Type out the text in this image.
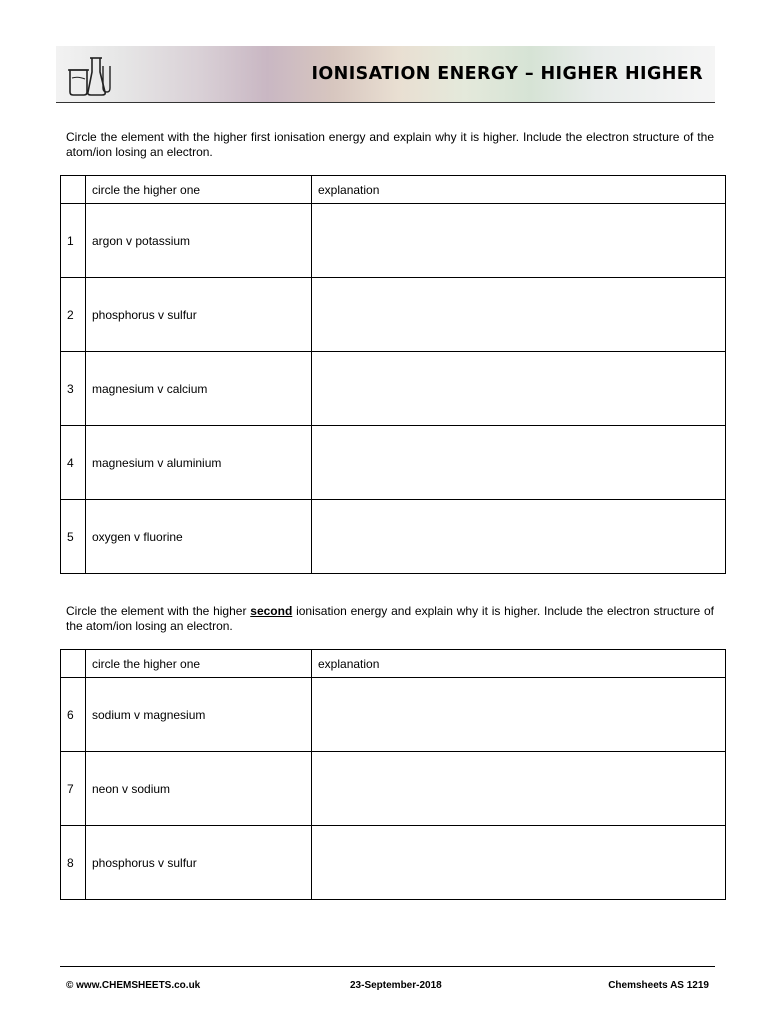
IONISATION ENERGY – HIGHER HIGHER
Circle the element with the higher first ionisation energy and explain why it is higher. Include the electron structure of the atom/ion losing an electron.
	circle the higher one	explanation
1	argon v potassium	
2	phosphorus v sulfur	
3	magnesium v calcium	
4	magnesium v aluminium	
5	oxygen v fluorine	
Circle the element with the higher second ionisation energy and explain why it is higher. Include the electron structure of the atom/ion losing an electron.
	circle the higher one	explanation
6	sodium v magnesium	
7	neon v sodium	
8	phosphorus v sulfur	
© www.CHEMSHEETS.co.uk	23-September-2018	Chemsheets AS 1219
